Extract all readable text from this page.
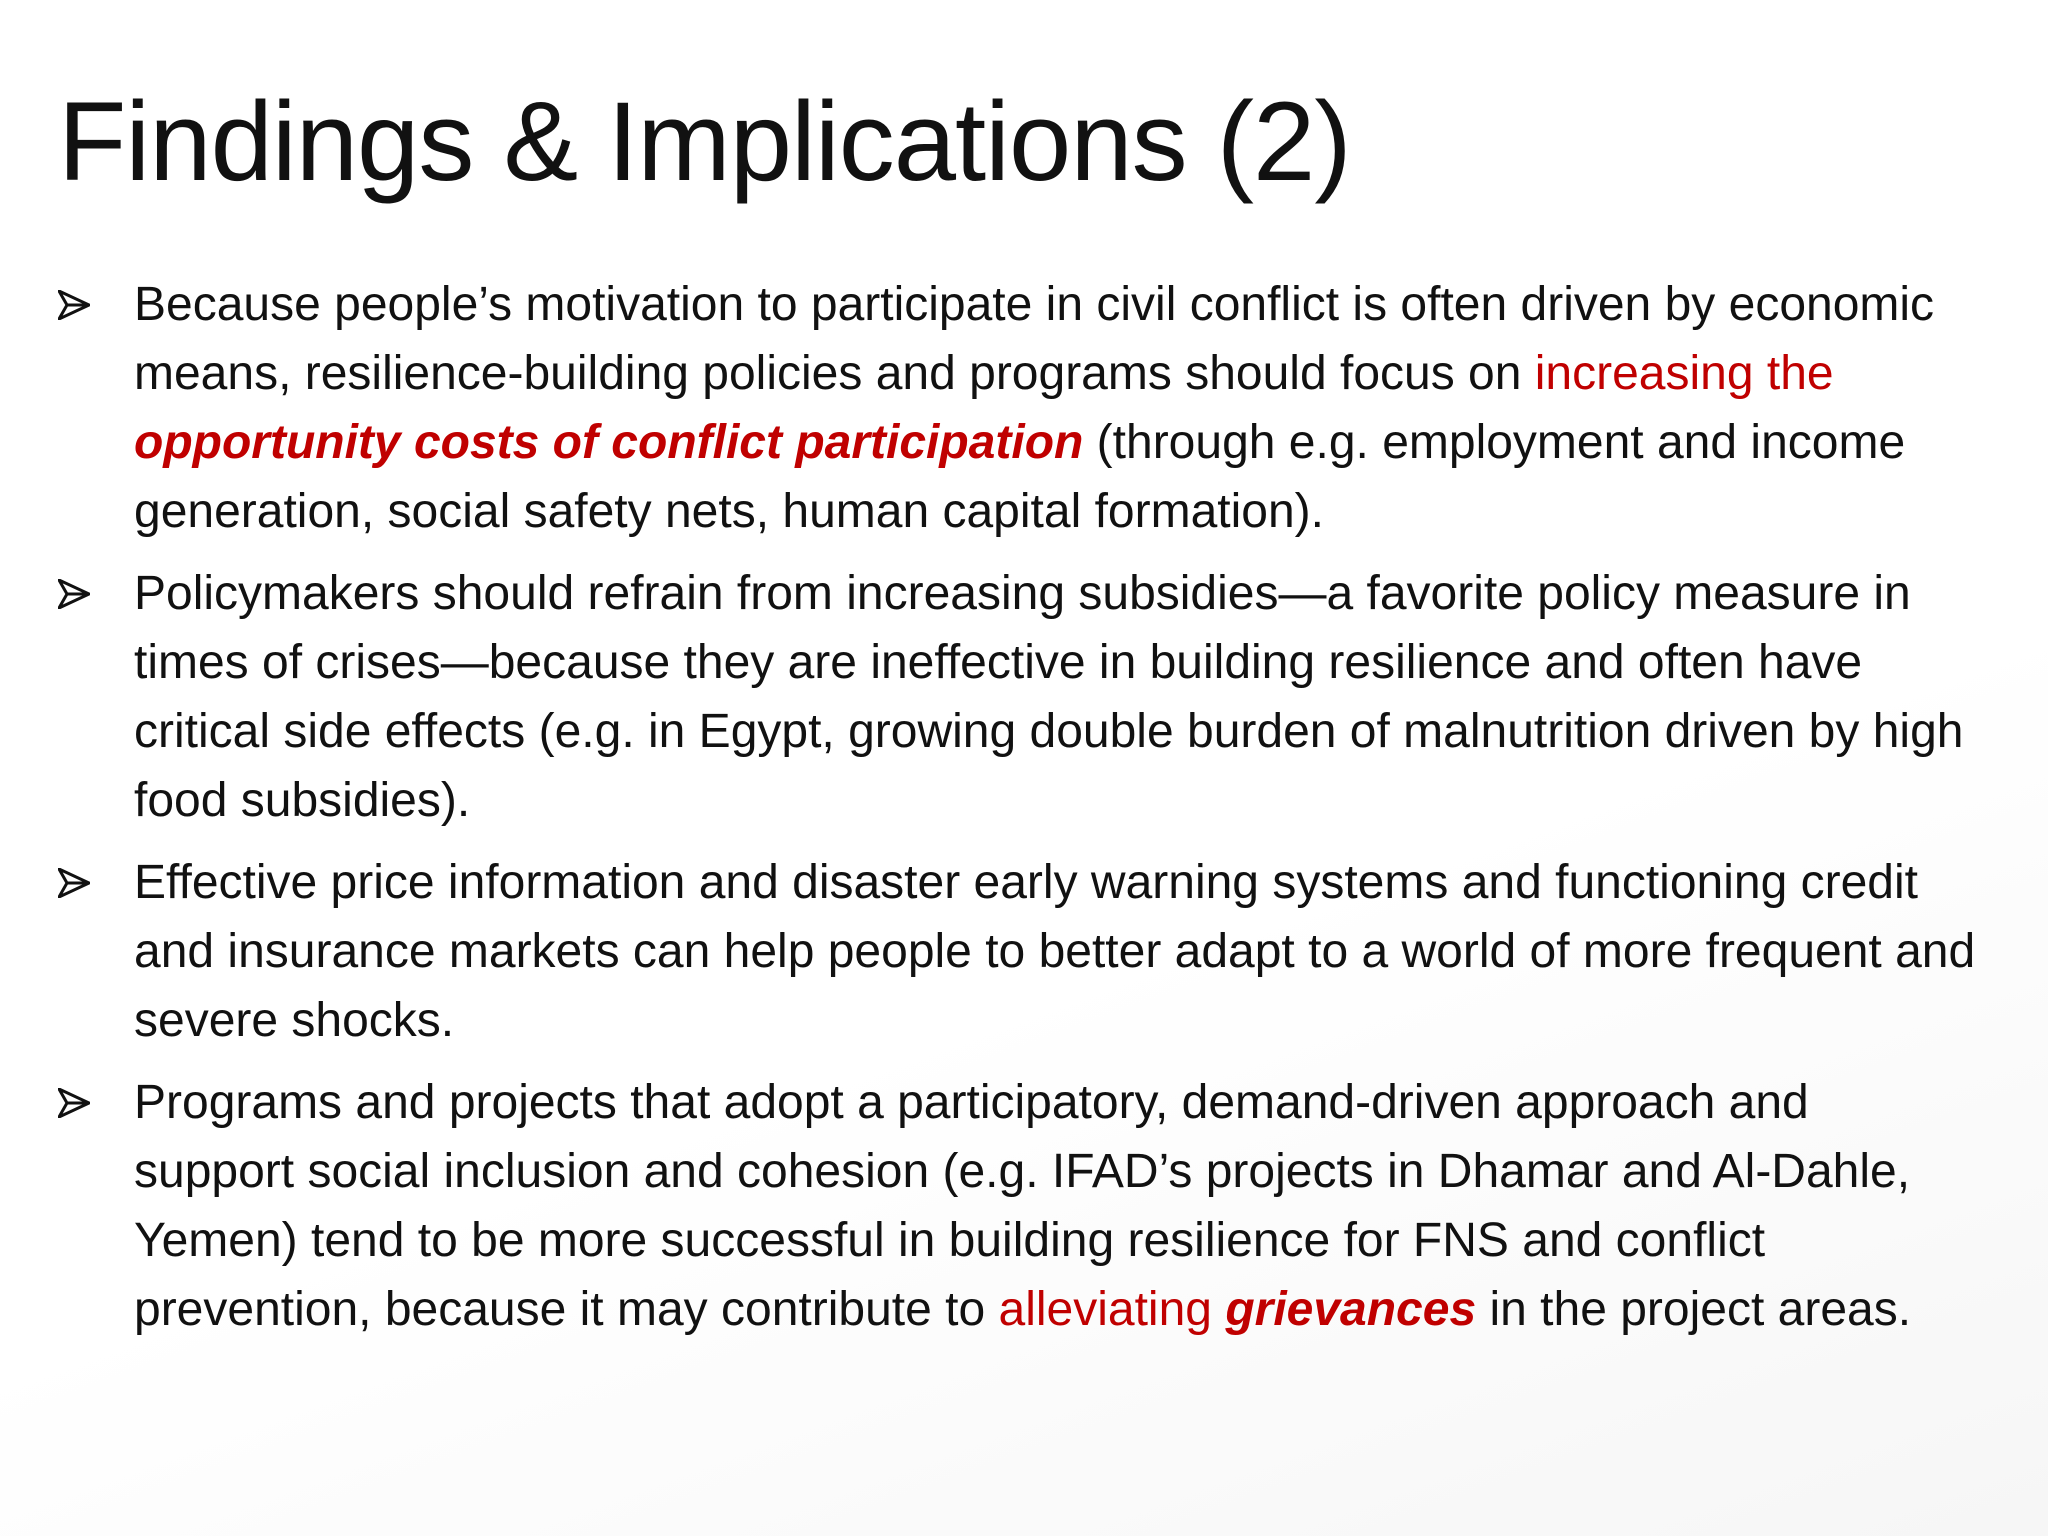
Findings & Implications (2)
Because people’s motivation to participate in civil conflict is often driven by economic means, resilience-building policies and programs should focus on increasing the opportunity costs of conflict participation (through e.g. employment and income generation, social safety nets, human capital formation).
Policymakers should refrain from increasing subsidies—a favorite policy measure in times of crises—because they are ineffective in building resilience and often have critical side effects (e.g. in Egypt, growing double burden of malnutrition driven by high food subsidies).
Effective price information and disaster early warning systems and functioning credit and insurance markets can help people to better adapt to a world of more frequent and severe shocks.
Programs and projects that adopt a participatory, demand-driven approach and support social inclusion and cohesion (e.g. IFAD’s projects in Dhamar and Al-Dahle, Yemen) tend to be more successful in building resilience for FNS and conflict prevention, because it may contribute to alleviating grievances in the project areas.
